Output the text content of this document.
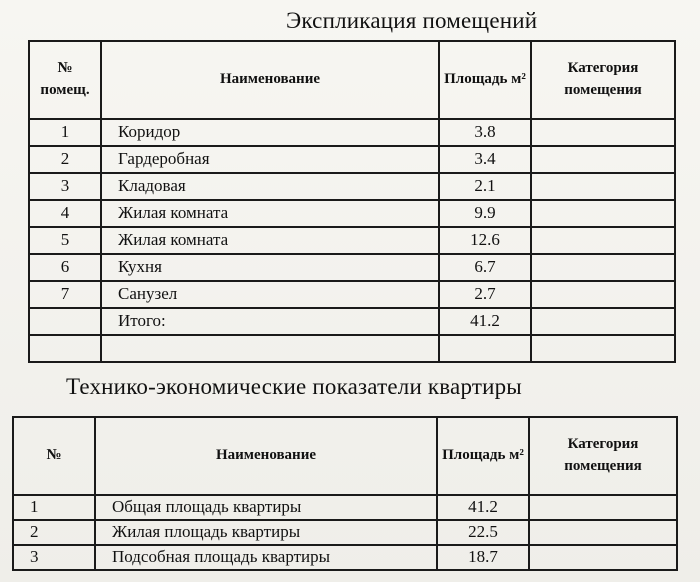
Экспликация помещений
№ помещ.	Наименование	Площадь м²	Категория помещения
1	Коридор	3.8	
2	Гардеробная	3.4	
3	Кладовая	2.1	
4	Жилая комната	9.9	
5	Жилая комната	12.6	
6	Кухня	6.7	
7	Санузел	2.7	
	Итого:	41.2	

Технико-экономические показатели квартиры
№	Наименование	Площадь м²	Категория помещения
1	Общая площадь квартиры	41.2	
2	Жилая площадь квартиры	22.5	
3	Подсобная площадь квартиры	18.7	
